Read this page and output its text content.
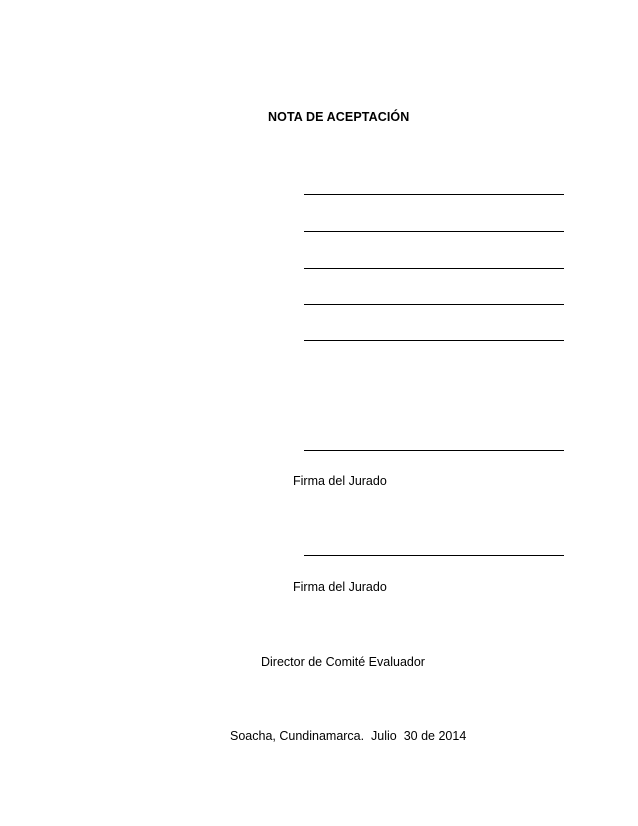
NOTA DE ACEPTACIÓN
Firma del Jurado
Firma del Jurado
Director de Comité Evaluador
Soacha, Cundinamarca.  Julio  30 de 2014
